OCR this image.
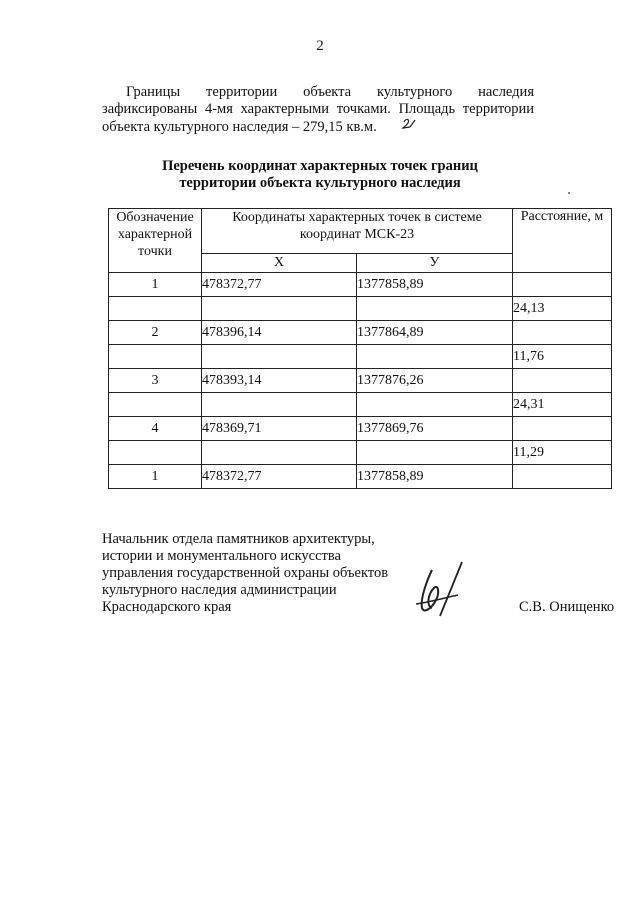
2
Границы территории объекта культурного наследия зафиксированы 4-мя характерными точками. Площадь территории объекта культурного наследия – 279,15 кв.м.
Перечень координат характерных точек границ
территории объекта культурного наследия
Обозначение характерной точки	Координаты характерных точек в системе координат МСК-23		Расстояние, м
	X	У	
1	478372,77	1377858,89	
			24,13
2	478396,14	1377864,89	
			11,76
3	478393,14	1377876,26	
			24,31
4	478369,71	1377869,76	
			11,29
1	478372,77	1377858,89	
Начальник отдела памятников архитектуры,
истории и монументального искусства
управления государственной охраны объектов
культурного наследия администрации
Краснодарского края	С.В. Онищенко
